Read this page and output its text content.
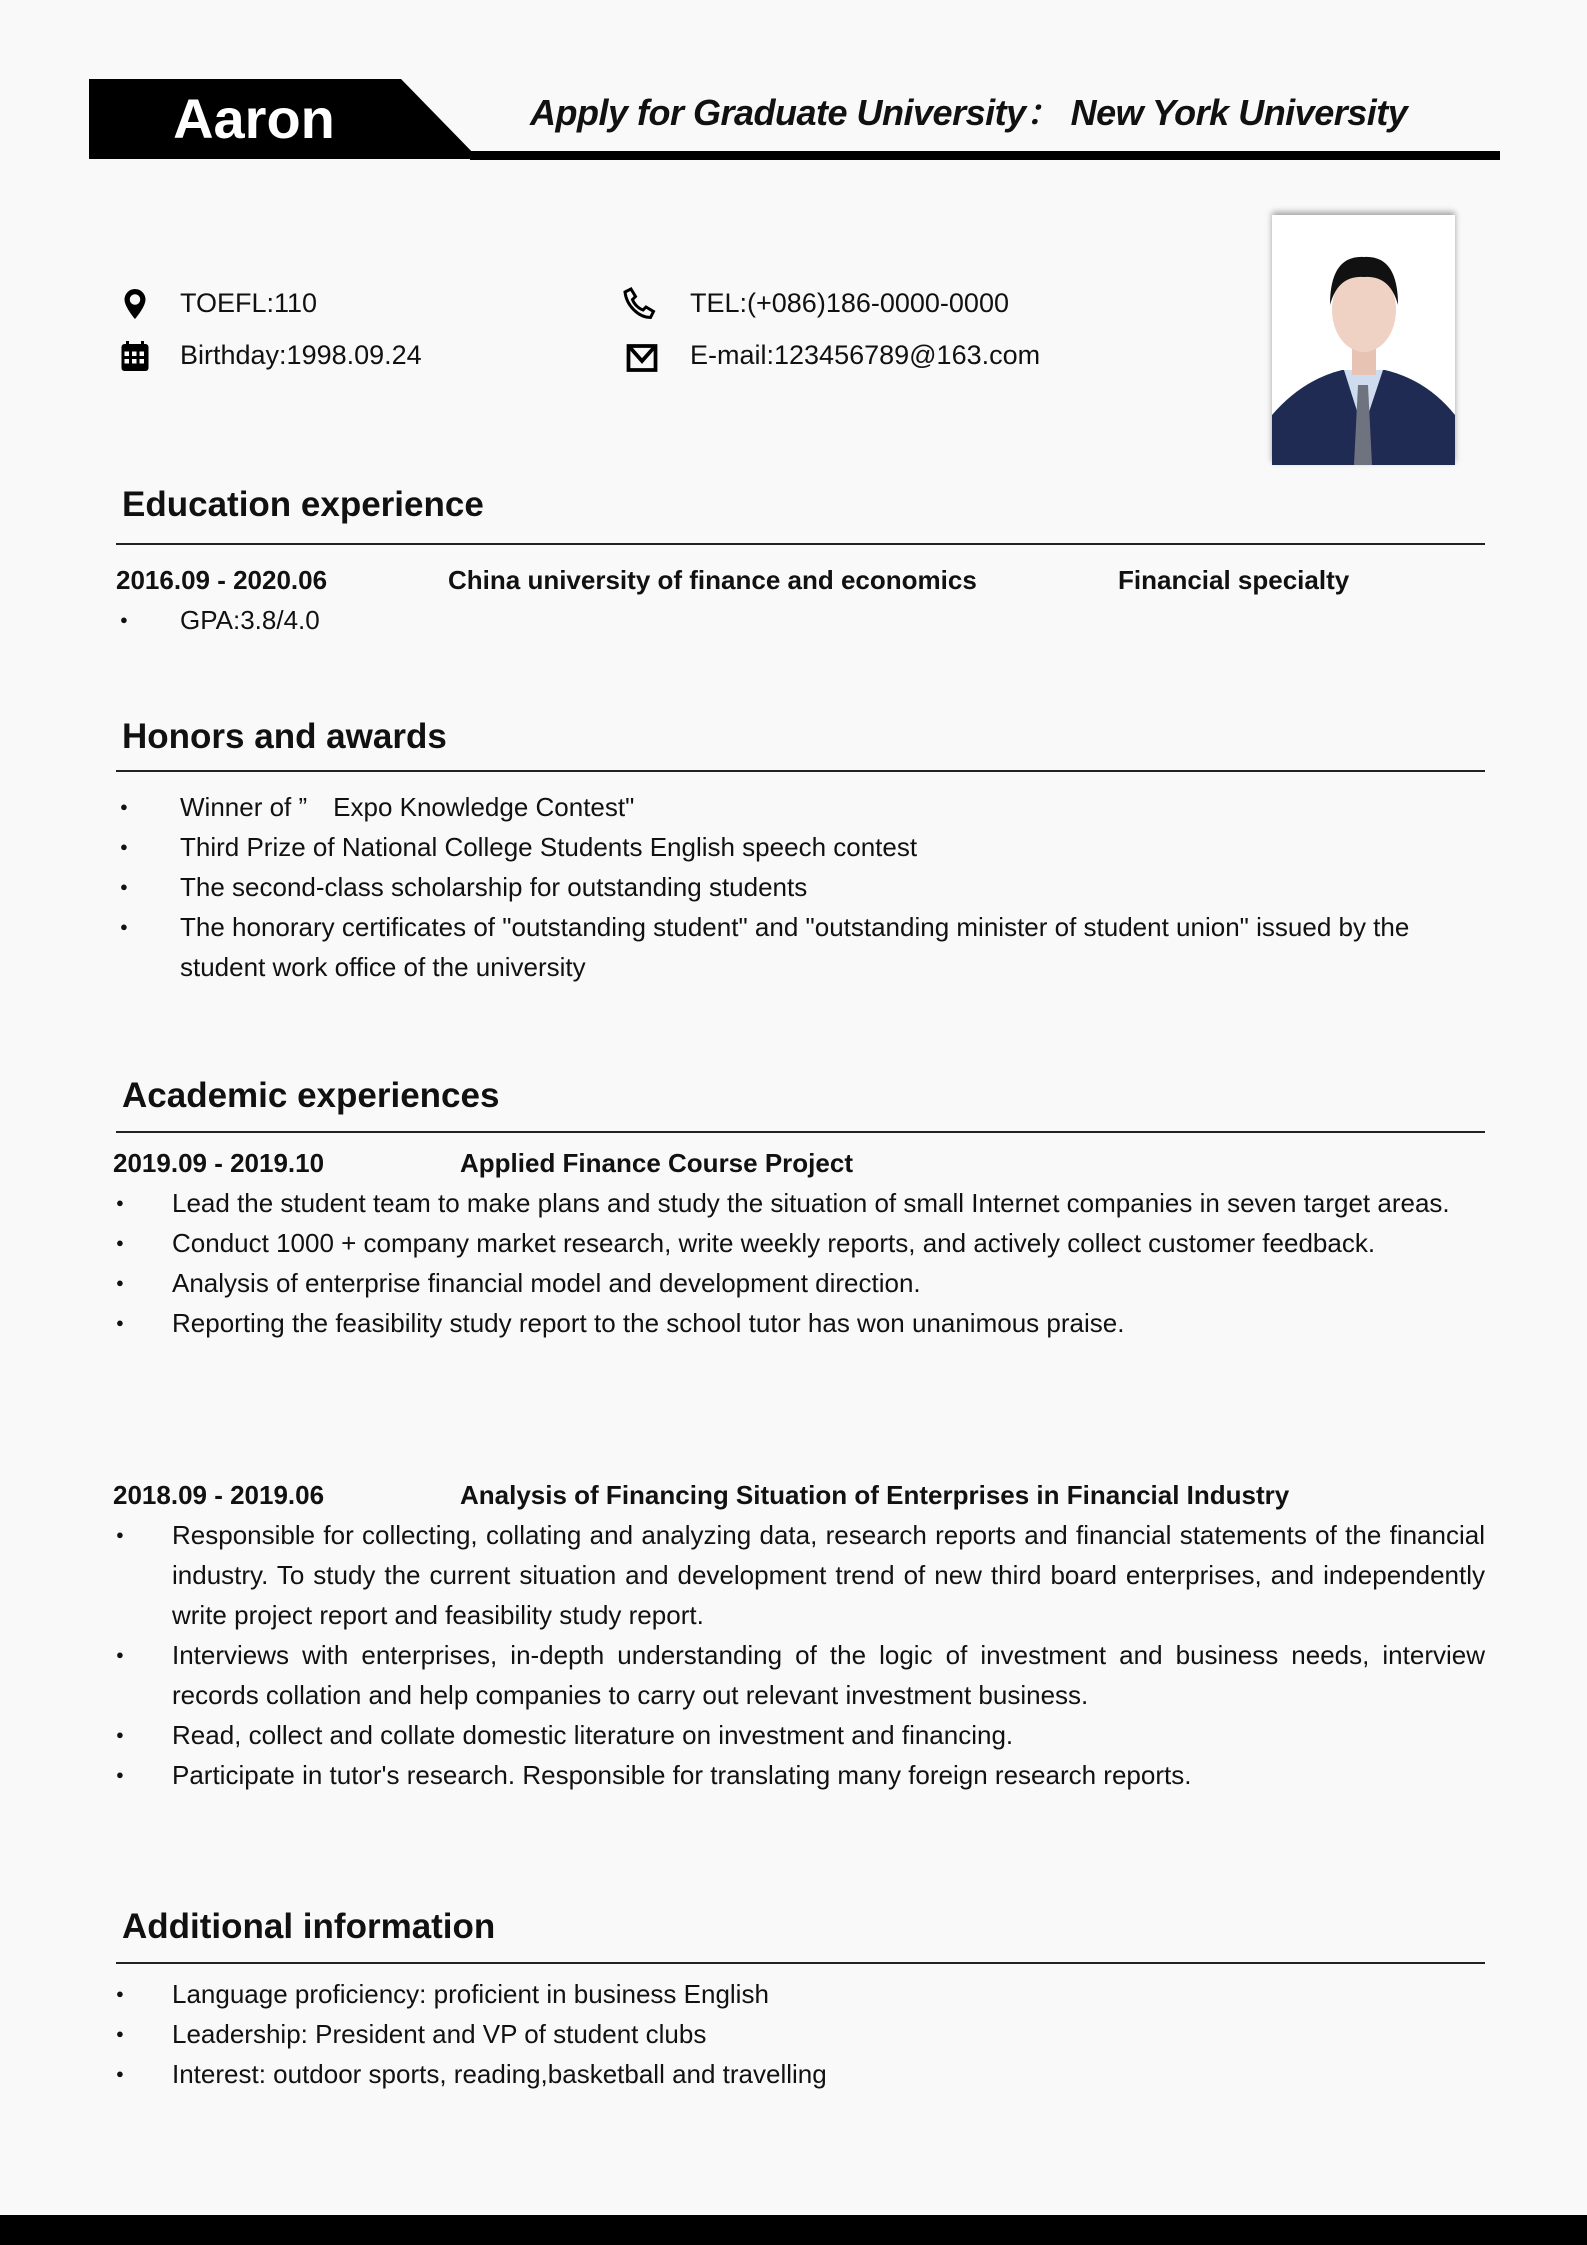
Aaron	Apply for Graduate University： New York University
TOEFL:110
Birthday:1998.09.24
TEL:(+086)186-0000-0000
E-mail:123456789@163.com
Education experience
2016.09 - 2020.06	China university of finance and economics	Financial specialty
● GPA:3.8/4.0
Honors and awards
● Winner of ”　Expo Knowledge Contest"
● Third Prize of National College Students English speech contest
● The second-class scholarship for outstanding students
● The honorary certificates of "outstanding student" and "outstanding minister of student union" issued by the student work office of the university
Academic experiences
2019.09 - 2019.10	Applied Finance Course Project
● Lead the student team to make plans and study the situation of small Internet companies in seven target areas.
● Conduct 1000 + company market research, write weekly reports, and actively collect customer feedback.
● Analysis of enterprise financial model and development direction.
● Reporting the feasibility study report to the school tutor has won unanimous praise.
2018.09 - 2019.06	Analysis of Financing Situation of Enterprises in Financial Industry
● Responsible for collecting, collating and analyzing data, research reports and financial statements of the financial industry. To study the current situation and development trend of new third board enterprises, and independently write project report and feasibility study report.
● Interviews with enterprises, in-depth understanding of the logic of investment and business needs, interview records collation and help companies to carry out relevant investment business.
● Read, collect and collate domestic literature on investment and financing.
● Participate in tutor's research. Responsible for translating many foreign research reports.
Additional information
● Language proficiency: proficient in business English
● Leadership: President and VP of student clubs
● Interest: outdoor sports, reading,basketball and travelling
